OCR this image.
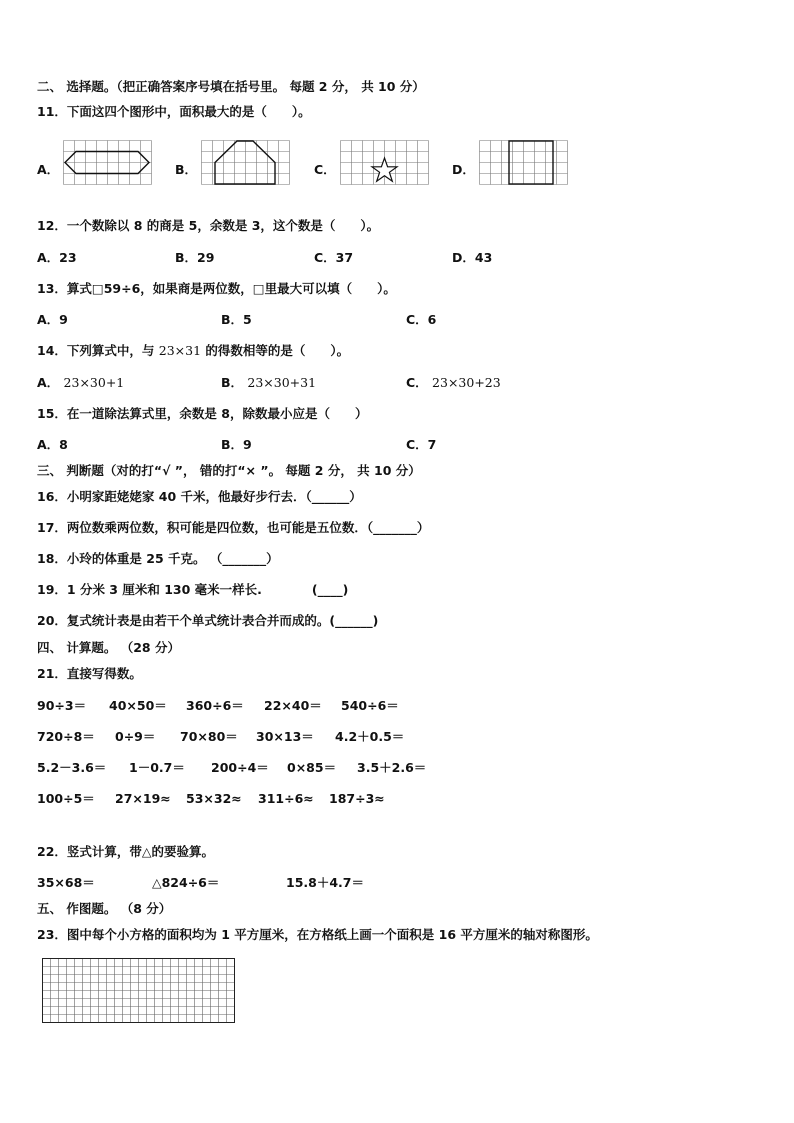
二、 选择题。（把正确答案序号填在括号里。 每题 2 分， 共 10 分）
11．下面这四个图形中，面积最大的是（　　）。
A．	B．	C．	D．
12．一个数除以 8 的商是 5，余数是 3，这个数是（　　）。
A．23	B．29	C．37	D．43
13．算式□59÷6，如果商是两位数，□里最大可以填（　　）。
A．9	B．5	C．6
14．下列算式中，与 23×31 的得数相等的是（　　）。
A． 23×30+1	B． 23×30+31	C． 23×30+23
15．在一道除法算式里，余数是 8，除数最小应是（　　）
A．8	B．9	C．7
三、 判断题（对的打“√ ”， 错的打“× ”。 每题 2 分， 共 10 分）
16．小明家距姥姥家 40 千米，他最好步行去．（______）
17．两位数乘两位数，积可能是四位数，也可能是五位数．（_______）
18．小玲的体重是 25 千克。 （_______）
19．1 分米 3 厘米和 130 毫米一样长.　　　　(____)
20．复式统计表是由若干个单式统计表合并而成的。(______)
四、 计算题。 （28 分）
21．直接写得数。
90÷3＝ 40×50＝ 360÷6＝ 22×40＝ 540÷6＝
720÷8＝ 0÷9＝ 70×80＝ 30×13＝ 4.2＋0.5＝
5.2－3.6＝ 1－0.7＝ 200÷4＝ 0×85＝ 3.5＋2.6＝
100÷5＝ 27×19≈ 53×32≈ 311÷6≈ 187÷3≈
22．竖式计算，带△的要验算。
35×68＝	△824÷6＝	15.8＋4.7＝
五、 作图题。 （8 分）
23．图中每个小方格的面积均为 1 平方厘米，在方格纸上画一个面积是 16 平方厘米的轴对称图形。
